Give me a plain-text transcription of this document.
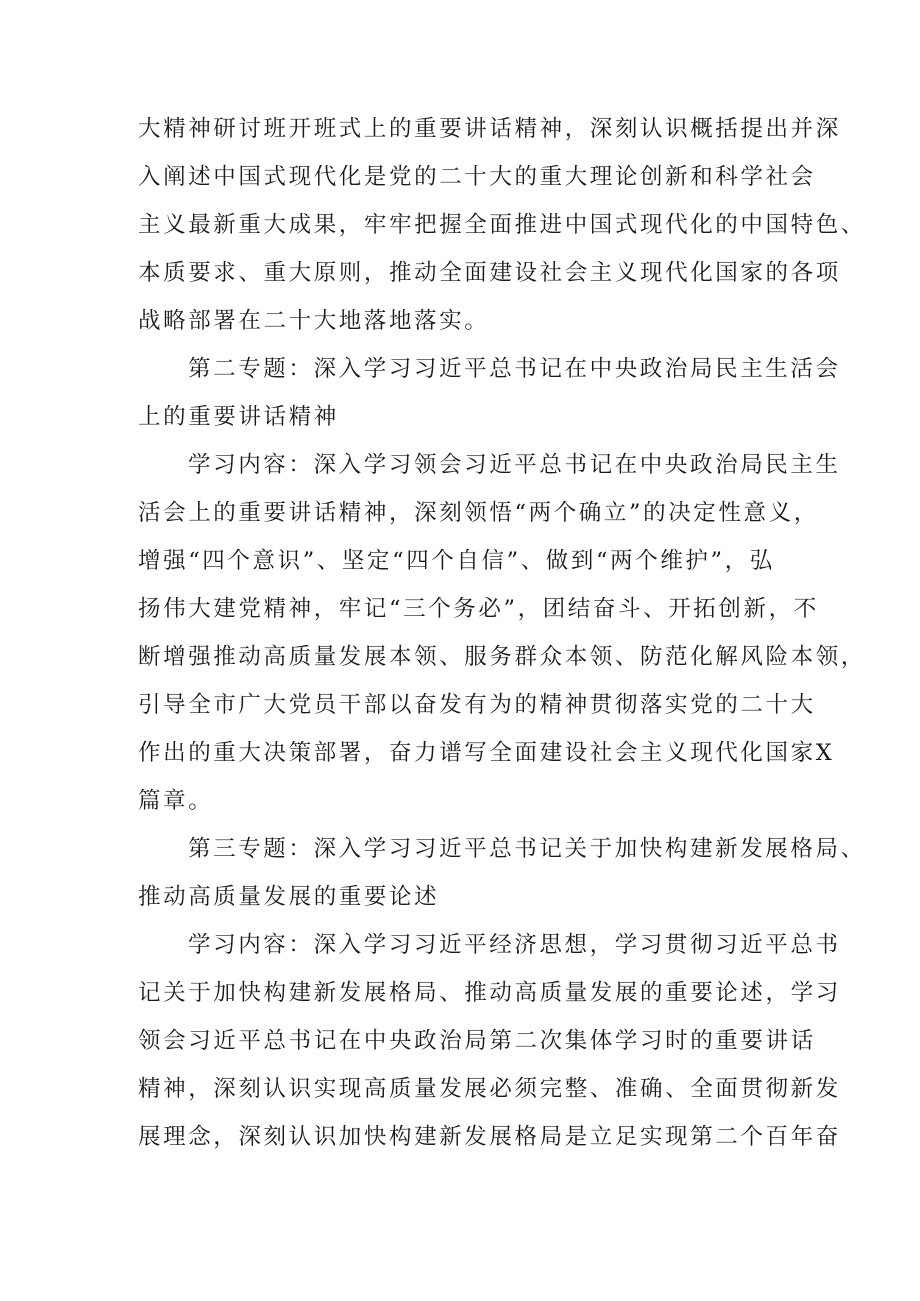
大精神研讨班开班式上的重要讲话精神，深刻认识概括提出并深

入阐述中国式现代化是党的二十大的重大理论创新和科学社会

主义最新重大成果，牢牢把握全面推进中国式现代化的中国特色、

本质要求、重大原则，推动全面建设社会主义现代化国家的各项

战略部署在二十大地落地落实。

第二专题：深入学习习近平总书记在中央政治局民主生活会

上的重要讲话精神

学习内容：深入学习领会习近平总书记在中央政治局民主生

活会上的重要讲话精神，深刻领悟“两个确立”的决定性意义，

增强“四个意识”、坚定“四个自信”、做到“两个维护”，弘

扬伟大建党精神，牢记“三个务必”，团结奋斗、开拓创新，不

断增强推动高质量发展本领、服务群众本领、防范化解风险本领，

引导全市广大党员干部以奋发有为的精神贯彻落实党的二十大

作出的重大决策部署，奋力谱写全面建设社会主义现代化国家X

篇章。

第三专题：深入学习习近平总书记关于加快构建新发展格局、

推动高质量发展的重要论述

学习内容：深入学习习近平经济思想，学习贯彻习近平总书

记关于加快构建新发展格局、推动高质量发展的重要论述，学习

领会习近平总书记在中央政治局第二次集体学习时的重要讲话

精神，深刻认识实现高质量发展必须完整、准确、全面贯彻新发

展理念，深刻认识加快构建新发展格局是立足实现第二个百年奋
